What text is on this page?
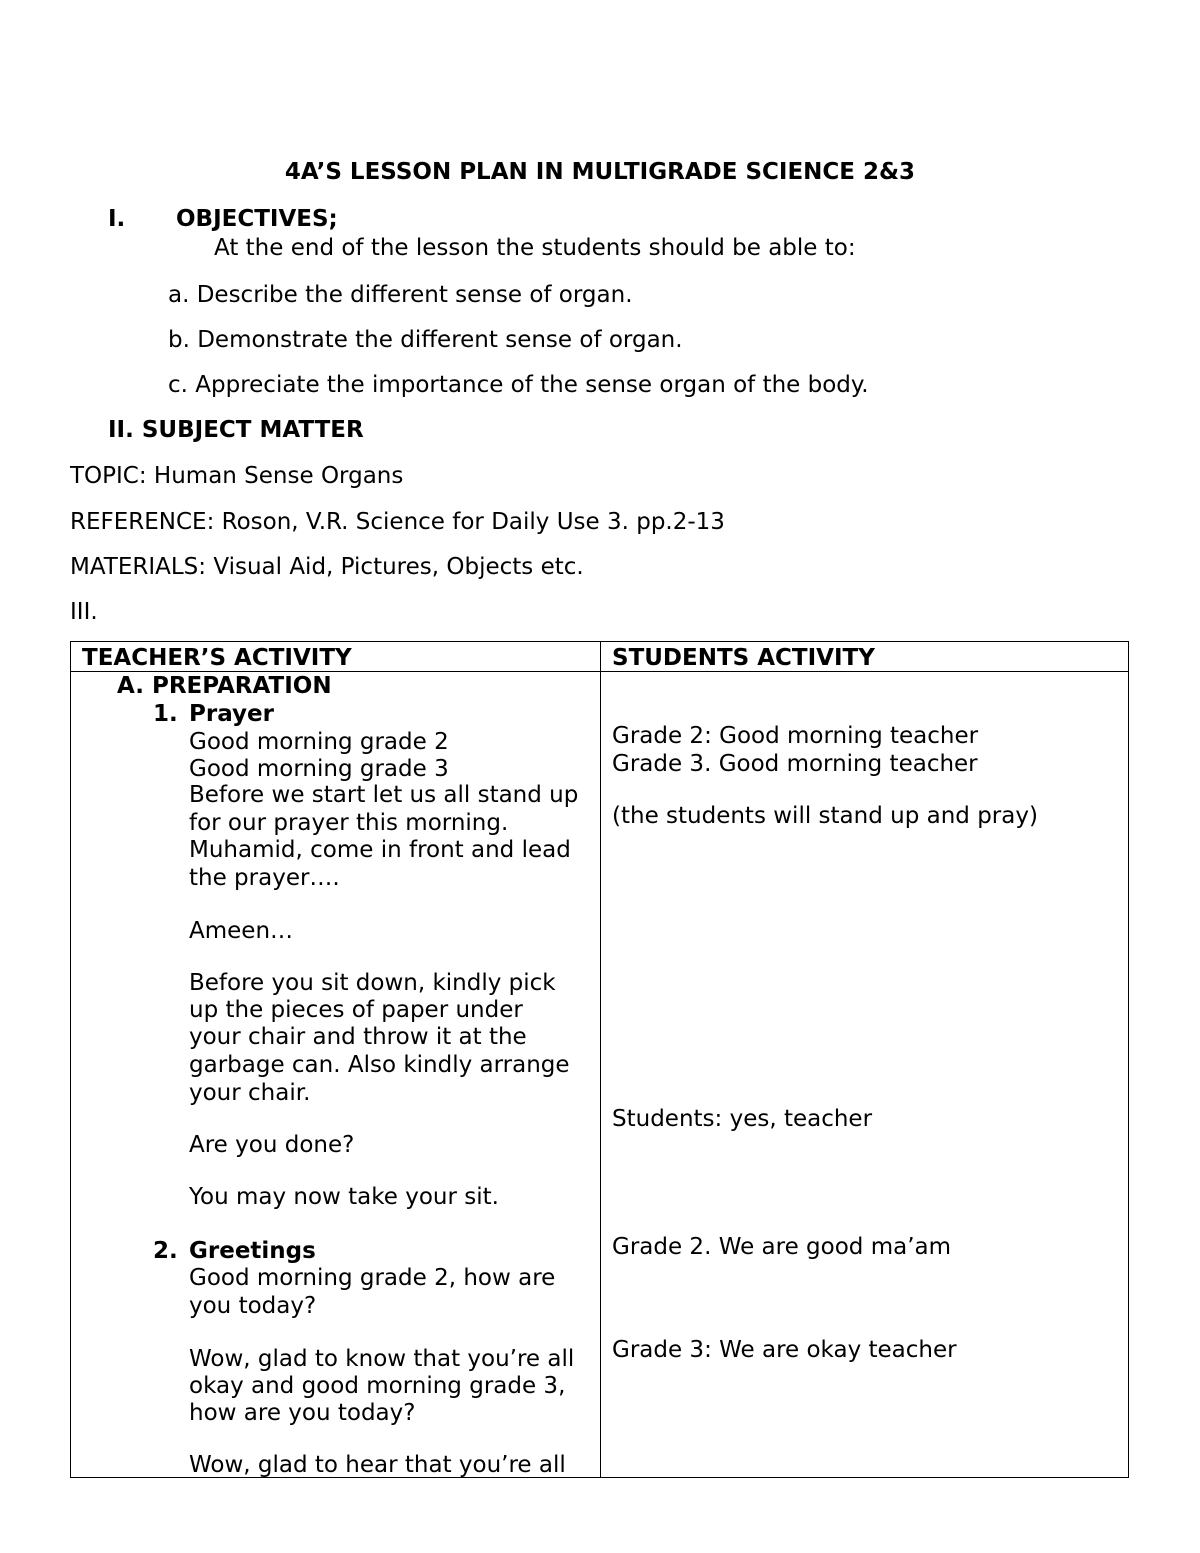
4A’S LESSON PLAN IN MULTIGRADE SCIENCE 2&3
I. OBJECTIVES;
At the end of the lesson the students should be able to:
a. Describe the different sense of organ.
b. Demonstrate the different sense of organ.
c. Appreciate the importance of the sense organ of the body.
II. SUBJECT MATTER
TOPIC: Human Sense Organs
REFERENCE: Roson, V.R. Science for Daily Use 3. pp.2-13
MATERIALS: Visual Aid, Pictures, Objects etc.
III.
TEACHER’S ACTIVITY	STUDENTS ACTIVITY
A. PREPARATION
1. Prayer
Good morning grade 2
Good morning grade 3
Before we start let us all stand up
for our prayer this morning.
Muhamid, come in front and lead
the prayer….
Ameen…
Before you sit down, kindly pick
up the pieces of paper under
your chair and throw it at the
garbage can. Also kindly arrange
your chair.
Are you done?
You may now take your sit.
2. Greetings
Good morning grade 2, how are
you today?
Wow, glad to know that you’re all
okay and good morning grade 3,
how are you today?
Wow, glad to hear that you’re all
Grade 2: Good morning teacher
Grade 3. Good morning teacher
(the students will stand up and pray)
Students: yes, teacher
Grade 2. We are good ma’am
Grade 3: We are okay teacher
